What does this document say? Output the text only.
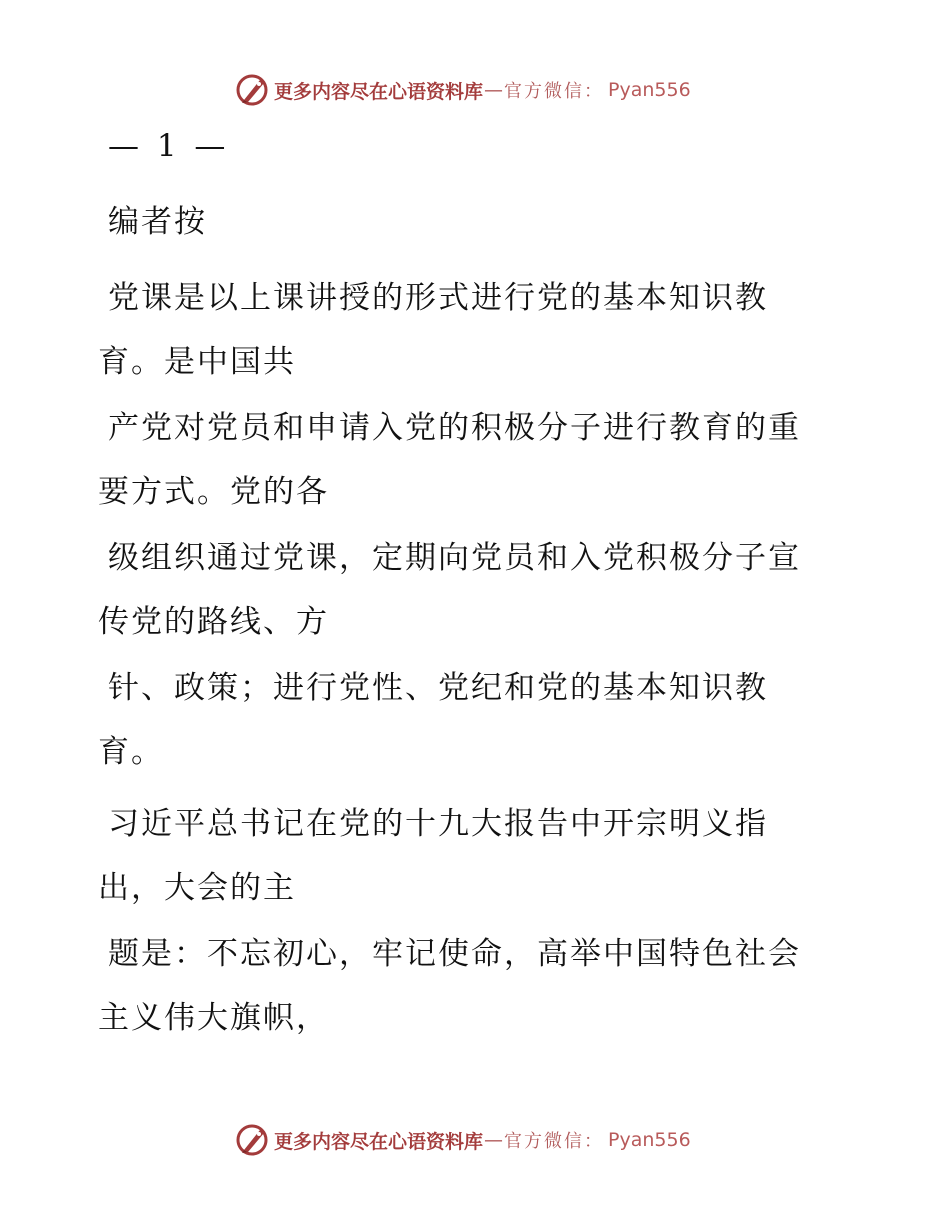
更多内容尽在心语资料库 — 官方微信： Pyan556
— 1 —
编者按
党课是以上课讲授的形式进行党的基本知识教
育。是中国共
产党对党员和申请入党的积极分子进行教育的重
要方式。党的各
级组织通过党课，定期向党员和入党积极分子宣
传党的路线、方
针、政策；进行党性、党纪和党的基本知识教
育。
习近平总书记在党的十九大报告中开宗明义指
出，大会的主
题是：不忘初心，牢记使命，高举中国特色社会
主义伟大旗帜，
更多内容尽在心语资料库 — 官方微信： Pyan556
